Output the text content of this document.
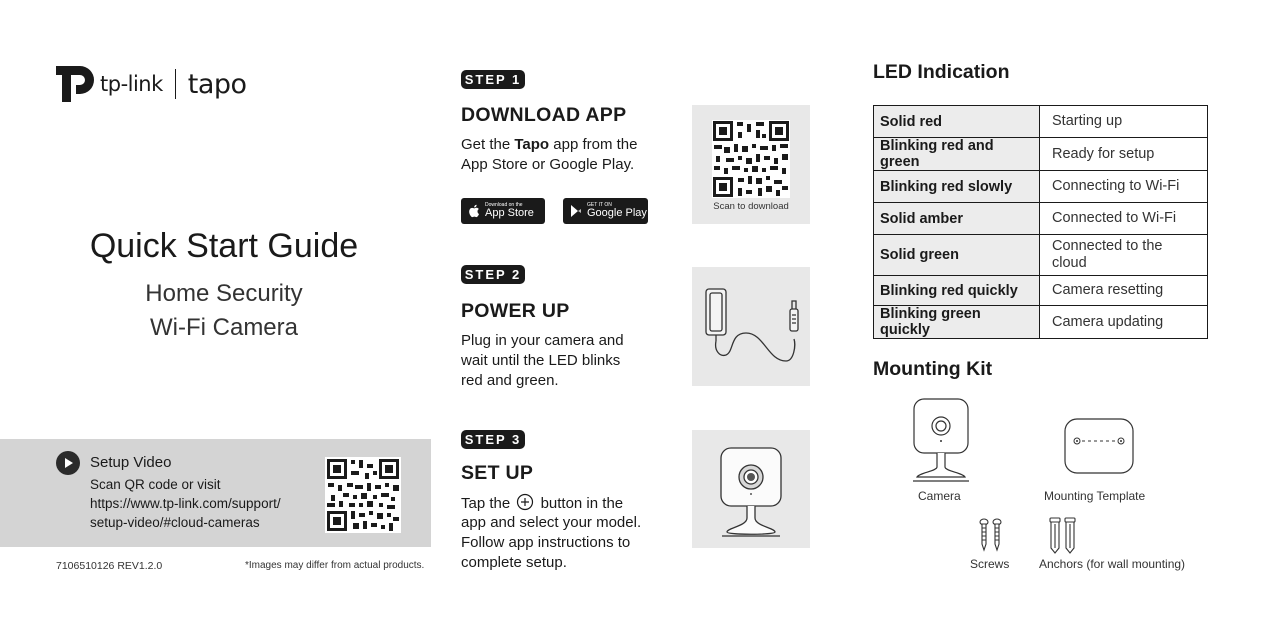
tp-link tapo
Quick Start Guide
Home Security
Wi-Fi Camera
Setup Video
Scan QR code or visit
https://www.tp-link.com/support/
setup-video/#cloud-cameras
7106510126 REV1.2.0	*Images may differ from actual products.
STEP 1
DOWNLOAD APP
Get the Tapo app from the
App Store or Google Play.
Download on the
App Store
GET IT ON
Google Play
Scan to download
STEP 2
POWER UP
Plug in your camera and
wait until the LED blinks
red and green.
STEP 3
SET UP
Tap the button in the
app and select your model.
Follow app instructions to
complete setup.
LED Indication
Solid red	Starting up
Blinking red and green	Ready for setup
Blinking red slowly	Connecting to Wi-Fi
Solid amber	Connected to Wi-Fi
Solid green	Connected to the cloud
Blinking red quickly	Camera resetting
Blinking green quickly	Camera updating
Mounting Kit
Camera	Mounting Template
Screws Anchors (for wall mounting)
